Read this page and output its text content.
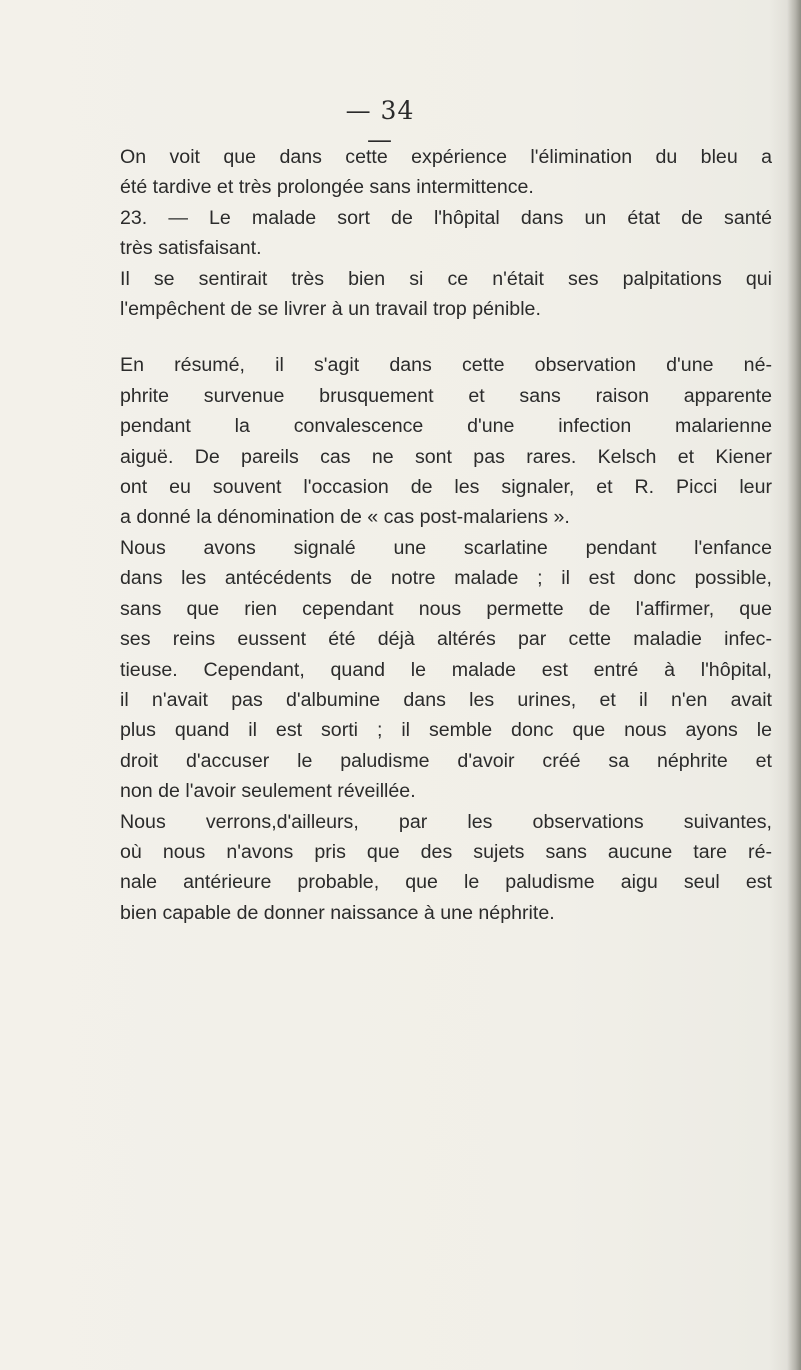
— 34 —

On voit que dans cette expérience l'élimination du bleu a
été tardive et très prolongée sans intermittence.

23. — Le malade sort de l'hôpital dans un état de santé
très satisfaisant.

Il se sentirait très bien si ce n'était ses palpitations qui
l'empêchent de se livrer à un travail trop pénible.

En résumé, il s'agit dans cette observation d'une né-
phrite survenue brusquement et sans raison apparente
pendant la convalescence d'une infection malarienne
aiguë. De pareils cas ne sont pas rares. Kelsch et Kiener
ont eu souvent l'occasion de les signaler, et R. Picci leur
a donné la dénomination de « cas post-malariens ».

Nous avons signalé une scarlatine pendant l'enfance
dans les antécédents de notre malade ; il est donc possible,
sans que rien cependant nous permette de l'affirmer, que
ses reins eussent été déjà altérés par cette maladie infec-
tieuse. Cependant, quand le malade est entré à l'hôpital,
il n'avait pas d'albumine dans les urines, et il n'en avait
plus quand il est sorti ; il semble donc que nous ayons le
droit d'accuser le paludisme d'avoir créé sa néphrite et
non de l'avoir seulement réveillée.

Nous verrons,d'ailleurs, par les observations suivantes,
où nous n'avons pris que des sujets sans aucune tare ré-
nale antérieure probable, que le paludisme aigu seul est
bien capable de donner naissance à une néphrite.
